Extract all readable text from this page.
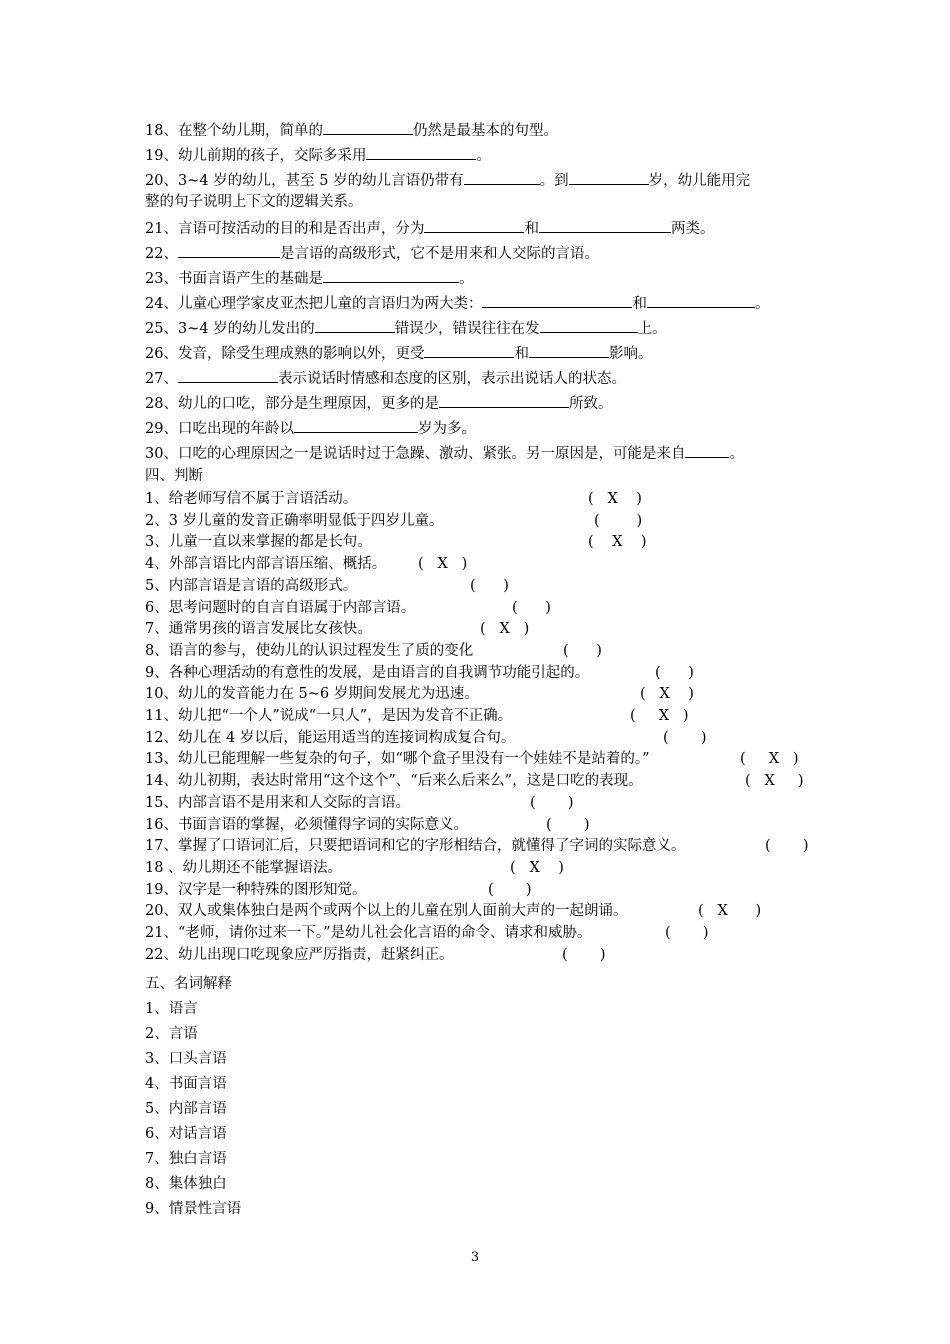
18、在整个幼儿期，简单的	仍然是最基本的句型。
19、幼儿前期的孩子，交际多采用	。
20、3~4 岁的幼儿，甚至 5 岁的幼儿言语仍带有	。到	岁，幼儿能用完
整的句子说明上下文的逻辑关系。
21、言语可按活动的目的和是否出声，分为	和	两类。
22、	是言语的高级形式，它不是用来和人交际的言语。
23、书面言语产生的基础是	。
24、儿童心理学家皮亚杰把儿童的言语归为两大类：	和	。
25、3~4 岁的幼儿发出的	错误少，错误往往在发	上。
26、发音，除受生理成熟的影响以外，更受	和	影响。
27、	表示说话时情感和态度的区别，表示出说话人的状态。
28、幼儿的口吃，部分是生理原因，更多的是	所致。
29、口吃出现的年龄以	岁为多。
30、口吃的心理原因之一是说话时过于急躁、激动、紧张。另一原因是，可能是来自	。
四、判断
1、给老师写信不属于言语活动。	(   X    )
2、3 岁儿童的发音正确率明显低于四岁儿童。	(        )
3、儿童一直以来掌握的都是长句。	(    X    )
4、外部言语比内部言语压缩、概括。 (   X   )
5、内部言语是言语的高级形式。	(      )
6、思考问题时的自言自语属于内部言语。	(      )
7、通常男孩的语言发展比女孩快。	(   X   )
8、语言的参与，使幼儿的认识过程发生了质的变化	(      )
9、各种心理活动的有意性的发展，是由语言的自我调节功能引起的。	(      )
10、幼儿的发音能力在 5~6 岁期间发展尤为迅速。	(   X    )
11、幼儿把“一个人”说成“一只人”，是因为发音不正确。	(     X   )
12、幼儿在 4 岁以后，能运用适当的连接词构成复合句。	(       )
13、幼儿已能理解一些复杂的句子，如“哪个盒子里没有一个娃娃不是站着的。”	(     X   )
14、幼儿初期，表达时常用“这个这个”、“后来么后来么”，这是口吃的表现。	(   X     )
15、内部言语不是用来和人交际的言语。	(       )
16、书面言语的掌握，必须懂得字词的实际意义。	(       )
17、掌握了口语词汇后，只要把语词和它的字形相结合，就懂得了字词的实际意义。	(       )
18 、幼儿期还不能掌握语法。	(   X    )
19、汉字是一种特殊的图形知觉。	(       )
20、双人或集体独白是两个或两个以上的儿童在别人面前大声的一起朗诵。	(   X      )
21、“老师，请你过来一下。”是幼儿社会化言语的命令、请求和威胁。	(       )
22、幼儿出现口吃现象应严厉指责，赶紧纠正。	(       )
五、名词解释
1、语言
2、言语
3、口头言语
4、书面言语
5、内部言语
6、对话言语
7、独白言语
8、集体独白
9、情景性言语
3
